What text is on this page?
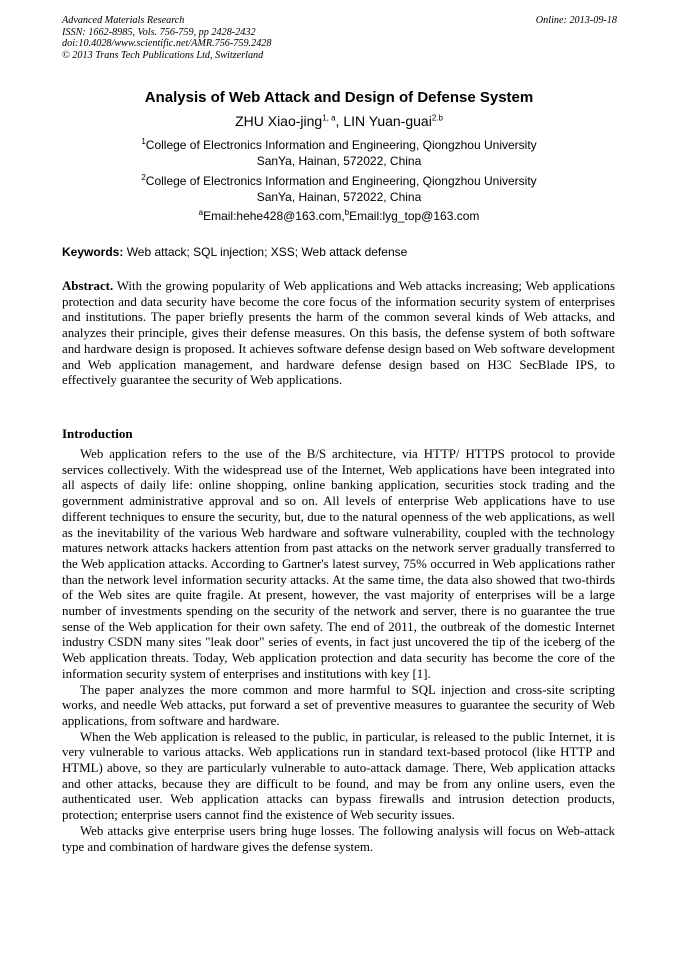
Advanced Materials Research
ISSN: 1662-8985, Vols. 756-759, pp 2428-2432
doi:10.4028/www.scientific.net/AMR.756-759.2428
© 2013 Trans Tech Publications Ltd, Switzerland
Online: 2013-09-18
Analysis of Web Attack and Design of Defense System
ZHU Xiao-jing$^{1, a}$, LIN Yuan-guai$^{2.b}$
$^1$College of Electronics Information and Engineering, Qiongzhou University
SanYa, Hainan, 572022, China
$^2$College of Electronics Information and Engineering, Qiongzhou University
SanYa, Hainan, 572022, China
$^a$Email:hehe428@163.com,$^b$Email:lyg_top@163.com
Keywords: Web attack; SQL injection; XSS; Web attack defense
Abstract. With the growing popularity of Web applications and Web attacks increasing; Web applications protection and data security have become the core focus of the information security system of enterprises and institutions. The paper briefly presents the harm of the common several kinds of Web attacks, and analyzes their principle, gives their defense measures. On this basis, the defense system of both software and hardware design is proposed. It achieves software defense design based on Web software development and Web application management, and hardware defense design based on H3C SecBlade IPS, to effectively guarantee the security of Web applications.
Introduction

Web application refers to the use of the B/S architecture, via HTTP/ HTTPS protocol to provide services collectively. With the widespread use of the Internet, Web applications have been integrated into all aspects of daily life: online shopping, online banking application, securities stock trading and the government administrative approval and so on. All levels of enterprise Web applications have to use different techniques to ensure the security, but, due to the natural openness of the web applications, as well as the inevitability of the various Web hardware and software vulnerability, coupled with the technology matures network attacks hackers attention from past attacks on the network server gradually transferred to the Web application attacks. According to Gartner's latest survey, 75% occurred in Web applications rather than the network level information security attacks. At the same time, the data also showed that two-thirds of the Web sites are quite fragile. At present, however, the vast majority of enterprises will be a large number of investments spending on the security of the network and server, there is no guarantee the true sense of the Web application for their own safety. The end of 2011, the outbreak of the domestic Internet industry CSDN many sites "leak door" series of events, in fact just uncovered the tip of the iceberg of the Web application threats. Today, Web application protection and data security has become the core of the information security system of enterprises and institutions with key [1].

The paper analyzes the more common and more harmful to SQL injection and cross-site scripting works, and needle Web attacks, put forward a set of preventive measures to guarantee the security of Web applications, from software and hardware.

When the Web application is released to the public, in particular, is released to the public Internet, it is very vulnerable to various attacks. Web applications run in standard text-based protocol (like HTTP and HTML) above, so they are particularly vulnerable to auto-attack damage. There, Web application attacks and other attacks, because they are difficult to be found, and may be from any online users, even the authenticated user. Web application attacks can bypass firewalls and intrusion detection products, protection; enterprise users cannot find the existence of Web security issues.

Web attacks give enterprise users bring huge losses. The following analysis will focus on Web-attack type and combination of hardware gives the defense system.
